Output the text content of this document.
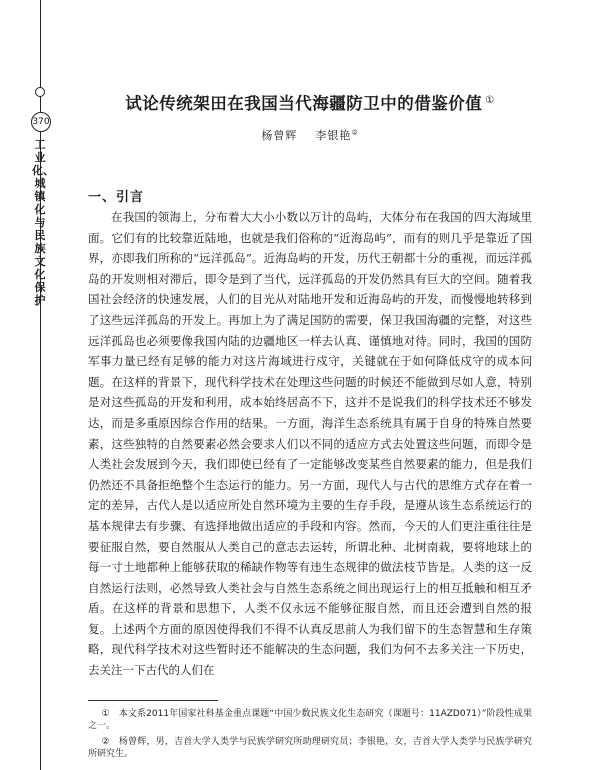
370
工业化、城镇化与民族文化保护
试论传统架田在我国当代海疆防卫中的借鉴价值 ①
杨曾辉 李银艳②
一、引言
在我国的领海上，分布着大大小小数以万计的岛屿，大体分布在我国的四大海域里面。它们有的比较靠近陆地，也就是我们俗称的“近海岛屿”，而有的则几乎是靠近了国界，亦即我们所称的“远洋孤岛”。近海岛屿的开发，历代王朝都十分的重视，而远洋孤岛的开发则相对滞后，即令是到了当代，远洋孤岛的开发仍然具有巨大的空间。随着我国社会经济的快速发展，人们的目光从对陆地开发和近海岛屿的开发，而慢慢地转移到了这些远洋孤岛的开发上。再加上为了满足国防的需要，保卫我国海疆的完整，对这些远洋孤岛也必须要像我国内陆的边疆地区一样去认真、谨慎地对待。同时，我国的国防军事力量已经有足够的能力对这片海域进行戍守，关键就在于如何降低戍守的成本问题。在这样的背景下，现代科学技术在处理这些问题的时候还不能做到尽如人意，特别是对这些孤岛的开发和利用，成本始终居高不下，这并不是说我们的科学技术还不够发达，而是多重原因综合作用的结果。一方面，海洋生态系统具有属于自身的特殊自然要素，这些独特的自然要素必然会要求人们以不同的适应方式去处置这些问题，而即令是人类社会发展到今天，我们即使已经有了一定能够改变某些自然要素的能力，但是我们仍然还不具备拒绝整个生态运行的能力。另一方面，现代人与古代的思维方式存在着一定的差异，古代人是以适应所处自然环境为主要的生存手段，是遵从该生态系统运行的基本规律去有步骤、有选择地做出适应的手段和内容。然而，今天的人们更注重往往是要征服自然，要自然服从人类自己的意志去运转，所谓北种、北树南栽，要将地球上的每一寸土地都种上能够获取的稀缺作物等有违生态规律的做法枝节皆是。人类的这一反自然运行法则，必然导致人类社会与自然生态系统之间出现运行上的相互抵触和相互矛盾。在这样的背景和思想下，人类不仅永远不能够征服自然，而且还会遭到自然的报复。上述两个方面的原因使得我们不得不认真反思前人为我们留下的生态智慧和生存策略，现代科学技术对这些暂时还不能解决的生态问题，我们为何不去多关注一下历史，去关注一下古代的人们在
①　本文系2011年国家社科基金重点课题“中国少数民族文化生态研究（课题号：11AZD071）”阶段性成果之一。
②　杨曾辉，男，吉首大学人类学与民族学研究所助理研究员；李银艳，女，吉首大学人类学与民族学研究所研究生。
